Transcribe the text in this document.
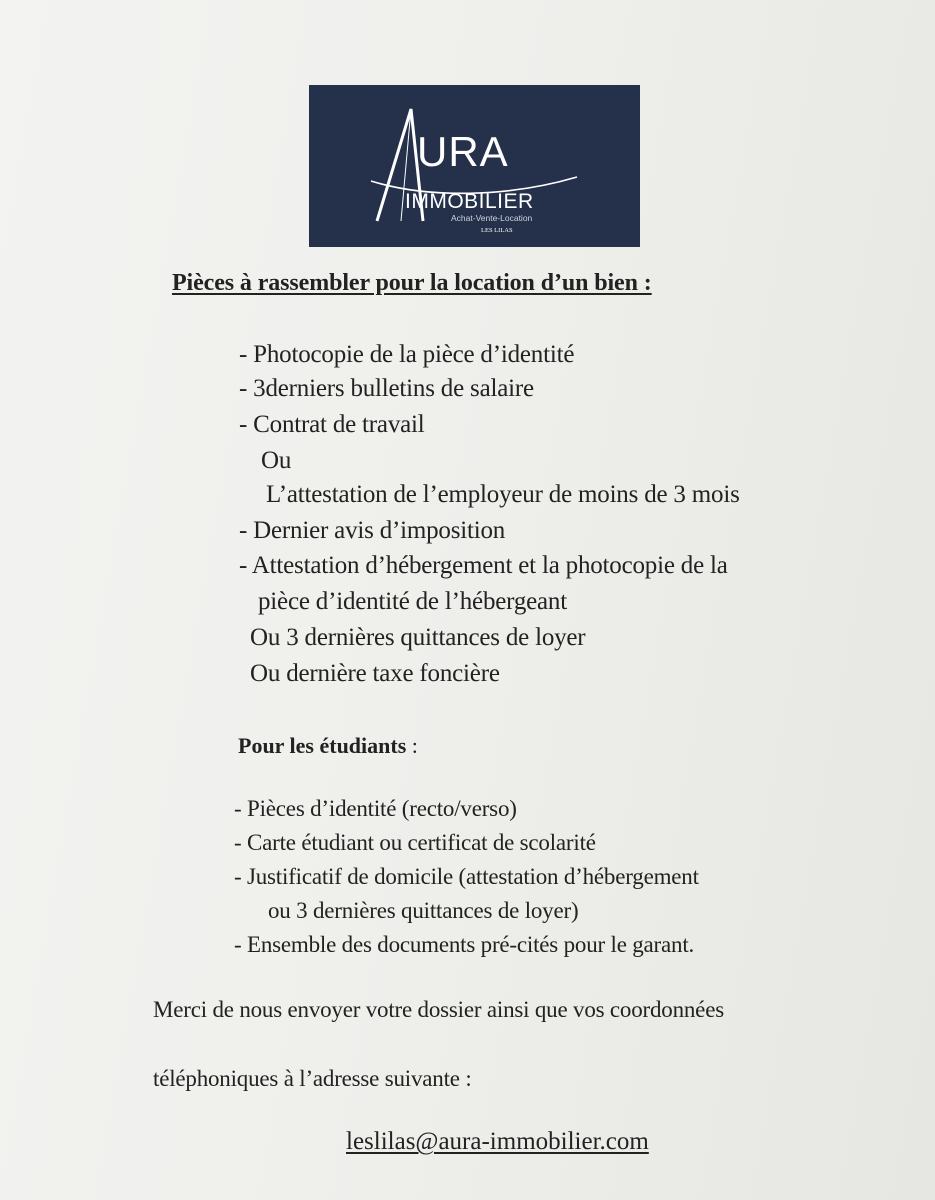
URA
IMMOBILIER
Achat-Vente-Location
LES LILAS
Pièces à rassembler pour la location d’un bien :
- Photocopie de la pièce d’identité
- 3derniers bulletins de salaire
- Contrat de travail
Ou
L’attestation de l’employeur de moins de 3 mois
- Dernier avis d’imposition
- Attestation d’hébergement et la photocopie de la
pièce d’identité de l’hébergeant
Ou 3 dernières quittances de loyer
Ou dernière taxe foncière
Pour les étudiants :
- Pièces d’identité (recto/verso)
- Carte étudiant ou certificat de scolarité
- Justificatif de domicile (attestation d’hébergement
ou 3 dernières quittances de loyer)
- Ensemble des documents pré-cités pour le garant.
Merci de nous envoyer votre dossier ainsi que vos coordonnées
téléphoniques à l’adresse suivante :
leslilas@aura-immobilier.com
